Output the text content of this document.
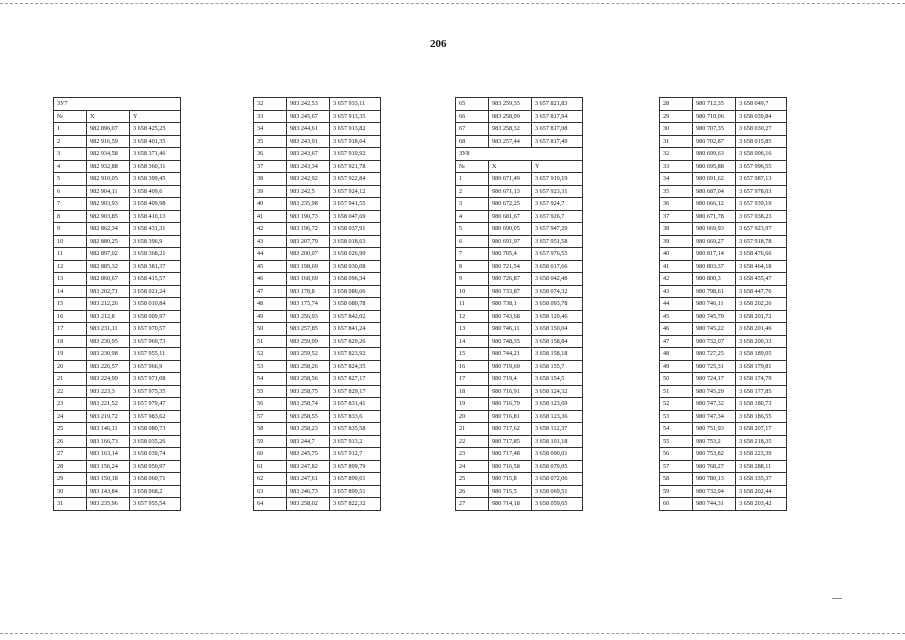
206
ЗУ7		
№	X	Y
1	982 896,07	3 658 425,25
2	982 916,59	3 658 401,35
3	982 934,58	3 658 371,46
4	982 932,88	3 658 360,31
5	982 910,05	3 658 399,45
6	982 904,11	3 658 409,6
7	982 903,93	3 658 409,98
8	982 903,85	3 658 410,13
9	982 862,34	3 658 431,31
10	982 880,25	3 658 396,9
11	982 897,02	3 658 368,21
12	982 885,32	3 658 381,37
13	982 860,67	3 658 415,57
14	983 202,71	3 658 021,24
15	983 212,26	3 658 010,84
16	983 212,8	3 658 009,97
17	983 231,11	3 657 970,57
18	983 230,95	3 657 969,73
19	983 230,98	3 657 955,11
20	983 226,57	3 657 966,9
21	983 224,99	3 657 971,08
22	983 223,3	3 657 975,35
23	983 221,52	3 657 979,47
24	983 219,72	3 657 983,62
25	983 146,11	3 658 080,73
26	983 166,73	3 658 035,26
27	983 163,14	3 658 039,74
28	983 156,24	3 658 050,97
29	983 150,18	3 658 060,71
30	983 143,84	3 658 068,2
31	983 235,96	3 657 955,54
32	983 242,53	3 657 933,11
33	983 245,67	3 657 913,35
34	983 244,61	3 657 913,82
35	983 243,91	3 657 918,64
36	983 243,67	3 657 919,92
37	983 243,34	3 657 921,78
38	983 242,92	3 657 922,84
39	983 242,5	3 657 924,12
40	983 235,98	3 657 941,55
41	983 190,73	3 658 047,69
42	983 196,72	3 658 037,91
43	983 207,79	3 658 018,63
44	983 200,07	3 658 026,99
45	983 198,69	3 658 030,08
46	983 168,69	3 658 096,34
47	983 178,8	3 658 086,06
48	983 175,74	3 658 080,78
49	983 256,93	3 657 842,02
50	983 257,85	3 657 841,24
51	983 259,99	3 657 829,26
52	983 259,52	3 657 823,92
53	983 258,26	3 657 824,35
54	983 258,56	3 657 827,17
55	983 258,75	3 657 829,17
56	983 258,74	3 657 831,41
57	983 258,55	3 657 833,6
58	983 258,23	3 657 835,58
59	983 244,7	3 657 913,2
60	983 245,75	3 657 912,7
61	983 247,82	3 657 899,79
62	983 247,61	3 657 899,61
63	983 246,73	3 657 899,51
64	983 258,02	3 657 822,32
65	983 259,35	3 657 821,83
66	983 258,99	3 657 817,94
67	983 258,32	3 657 817,08
68	983 257,44	3 657 817,49
ЗУ8		
№	X	Y
1	980 671,49	3 657 919,19
2	980 671,13	3 657 923,31
3	980 672,25	3 657 924,7
4	980 681,67	3 657 926,7
5	980 690,05	3 657 947,29
6	980 691,97	3 657 951,58
7	980 705,4	3 657 976,55
8	980 721,54	3 658 017,66
9	980 726,87	3 658 042,48
10	980 733,87	3 658 074,32
11	980 738,1	3 658 093,78
12	980 743,68	3 658 120,46
13	980 746,11	3 658 150,04
14	980 748,35	3 658 158,84
15	980 744,21	3 658 158,18
16	980 719,69	3 658 155,7
17	980 719,4	3 658 154,5
18	980 716,91	3 658 124,32
19	980 716,79	3 658 123,69
20	980 716,81	3 658 123,36
21	980 717,62	3 658 112,37
22	980 717,85	3 658 101,18
23	980 717,48	3 658 090,01
24	980 716,58	3 658 079,05
25	980 715,8	3 658 072,06
26	980 715,5	3 658 069,51
27	980 714,18	3 658 059,65
28	980 712,35	3 658 049,7
29	980 710,06	3 658 039,84
30	980 707,35	3 658 030,27
31	980 702,87	3 658 015,85
32	980 699,63	3 658 006,16
33	980 695,88	3 657 996,55
34	980 691,62	3 657 987,13
35	980 687,04	3 657 978,03
36	980 666,12	3 657 939,19
37	980 671,78	3 657 938,23
38	980 669,93	3 657 923,97
39	980 669,27	3 657 918,78
40	980 817,14	3 658 476,66
41	980 803,37	3 658 464,18
42	980 800,3	3 658 455,47
43	980 798,61	3 658 447,76
44	980 746,11	3 658 202,26
45	980 745,79	3 658 201,72
46	980 745,22	3 658 201,46
47	980 732,07	3 658 200,33
48	980 727,25	3 658 189,05
49	980 725,31	3 658 179,81
50	980 724,17	3 658 174,79
51	980 745,29	3 658 177,85
52	980 747,32	3 658 180,73
53	980 747,34	3 658 186,55
54	980 751,93	3 658 207,17
55	980 753,2	3 658 218,35
56	980 753,82	3 658 223,39
57	980 768,27	3 658 288,11
58	980 780,13	3 658 335,37
59	980 732,94	3 658 202,44
60	980 744,31	3 658 203,42
